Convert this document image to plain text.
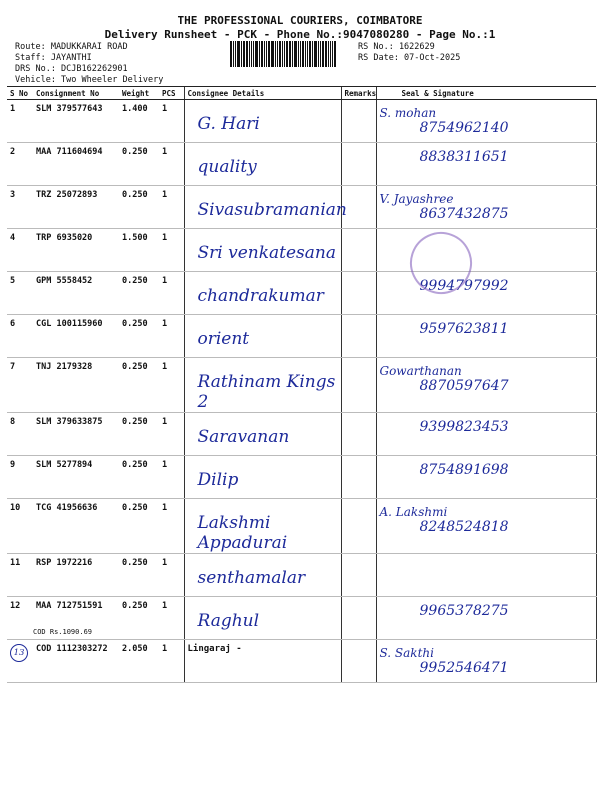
THE PROFESSIONAL COURIERS, COIMBATORE
Delivery Runsheet - PCK - Phone No.:9047080280 - Page No.:1
Route: MADUKKARAI ROAD
Staff: JAYANTHI
DRS No.: DCJB162262901
Vehicle: Two Wheeler Delivery
RS No.: 1622629
RS Date: 07-Oct-2025
S No	Consignment No	Weight	PCS	Consignee Details	Remarks	Seal & Signature
1	SLM 379577643	1.400	1	G. Hari		S. mohan
8754962140

2	MAA 711604694	0.250	1	quality		8838311651

3	TRZ 25072893	0.250	1	Sivasubramanian		V. Jayashree
8637432875

4	TRP 6935020	1.500	1	Sri venkatesana		

5	GPM 5558452	0.250	1	chandrakumar		9994797992

6	CGL 100115960	0.250	1	orient		9597623811

7	TNJ 2179328	0.250	1	Rathinam Kings 2		Gowarthanan
8870597647

8	SLM 379633875	0.250	1	Saravanan		9399823453

9	SLM 5277894	0.250	1	Dilip		8754891698

10	TCG 41956636	0.250	1	Lakshmi Appadurai		A. Lakshmi
8248524818

11	RSP 1972216	0.250	1	senthamalar		

12	MAA 712751591	0.250	1	Raghul		9965378275

13	COD 1112303272	2.050	1	Lingaraj -		S. Sakthi
9952546471
COD Rs.1090.69
